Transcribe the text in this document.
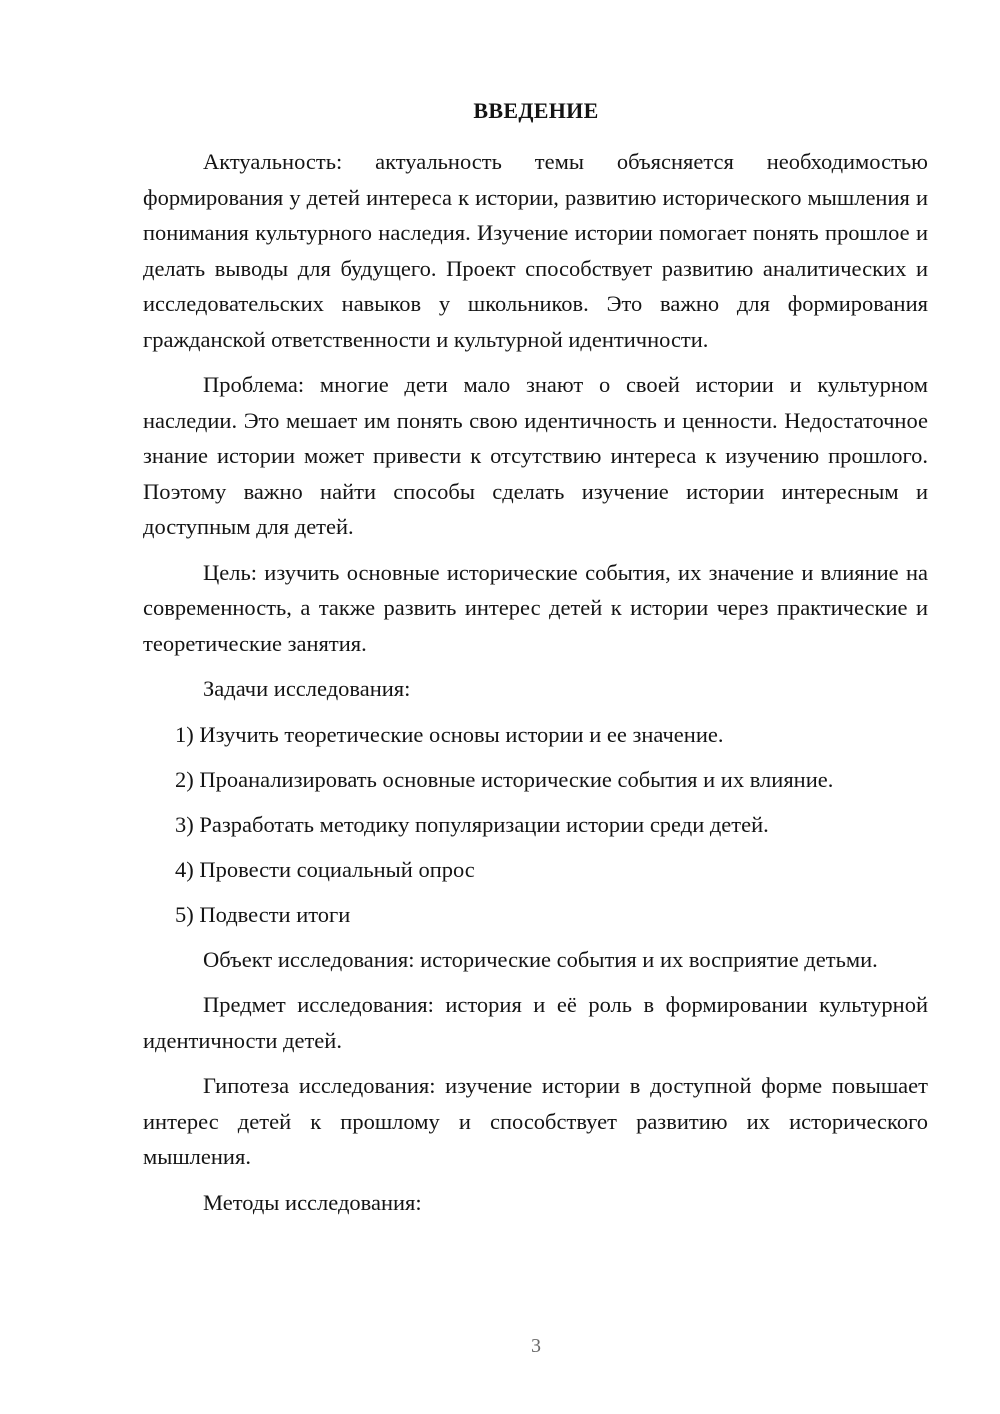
ВВЕДЕНИЕ

Актуальность: актуальность темы объясняется необходимостью формирования у детей интереса к истории, развитию исторического мышления и понимания культурного наследия. Изучение истории помогает понять прошлое и делать выводы для будущего. Проект способствует развитию аналитических и исследовательских навыков у школьников. Это важно для формирования гражданской ответственности и культурной идентичности.

Проблема: многие дети мало знают о своей истории и культурном наследии. Это мешает им понять свою идентичность и ценности. Недостаточное знание истории может привести к отсутствию интереса к изучению прошлого. Поэтому важно найти способы сделать изучение истории интересным и доступным для детей.

Цель: изучить основные исторические события, их значение и влияние на современность, а также развить интерес детей к истории через практические и теоретические занятия.

Задачи исследования:

1) Изучить теоретические основы истории и ее значение.
2) Проанализировать основные исторические события и их влияние.
3) Разработать методику популяризации истории среди детей.
4) Провести социальный опрос
5) Подвести итоги

Объект исследования: исторические события и их восприятие детьми.

Предмет исследования: история и её роль в формировании культурной идентичности детей.

Гипотеза исследования: изучение истории в доступной форме повышает интерес детей к прошлому и способствует развитию их исторического мышления.

Методы исследования:

3
